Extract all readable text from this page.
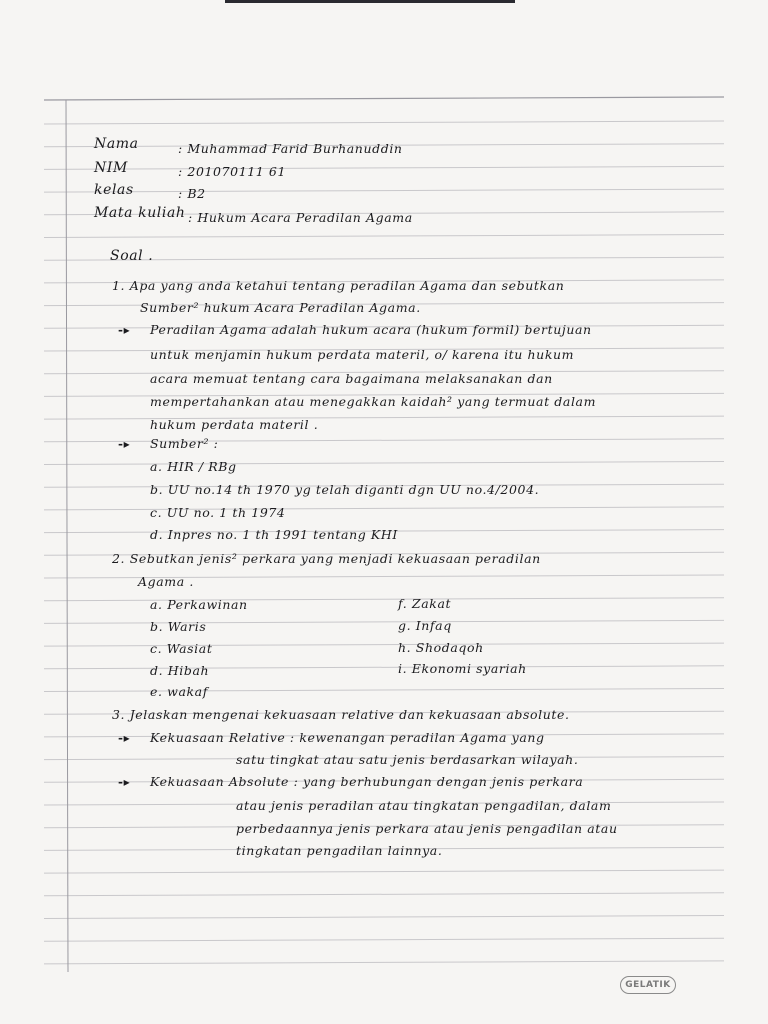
Nama	: Muhammad Farid Burhanuddin
NIM	: 201070111 61
kelas	: B2
Mata kuliah : Hukum Acara Peradilan Agama
Soal .
1. Apa yang anda ketahui tentang peradilan Agama dan sebutkan
Sumber² hukum Acara Peradilan Agama.
-▸ Peradilan Agama adalah hukum acara (hukum formil) bertujuan
untuk menjamin hukum perdata materil, o/ karena itu hukum
acara memuat tentang cara bagaimana melaksanakan dan
mempertahankan atau menegakkan kaidah² yang termuat dalam
hukum perdata materil .
-▸ Sumber² :
a. HIR / RBg
b. UU no.14 th 1970 yg telah diganti dgn UU no.4/2004.
c. UU no. 1 th 1974
d. Inpres no. 1 th 1991 tentang KHI
2. Sebutkan jenis² perkara yang menjadi kekuasaan peradilan
Agama .
a. Perkawinan
b. Waris
c. Wasiat
d. Hibah
e. wakaf
f. Zakat
g. Infaq
h. Shodaqoh
i. Ekonomi syariah
3. Jelaskan mengenai kekuasaan relative dan kekuasaan absolute.
-▸ Kekuasaan Relative : kewenangan peradilan Agama yang
satu tingkat atau satu jenis berdasarkan wilayah.
-▸ Kekuasaan Absolute : yang berhubungan dengan jenis perkara
atau jenis peradilan atau tingkatan pengadilan, dalam
perbedaannya jenis perkara atau jenis pengadilan atau
tingkatan pengadilan lainnya.
GELATIK
